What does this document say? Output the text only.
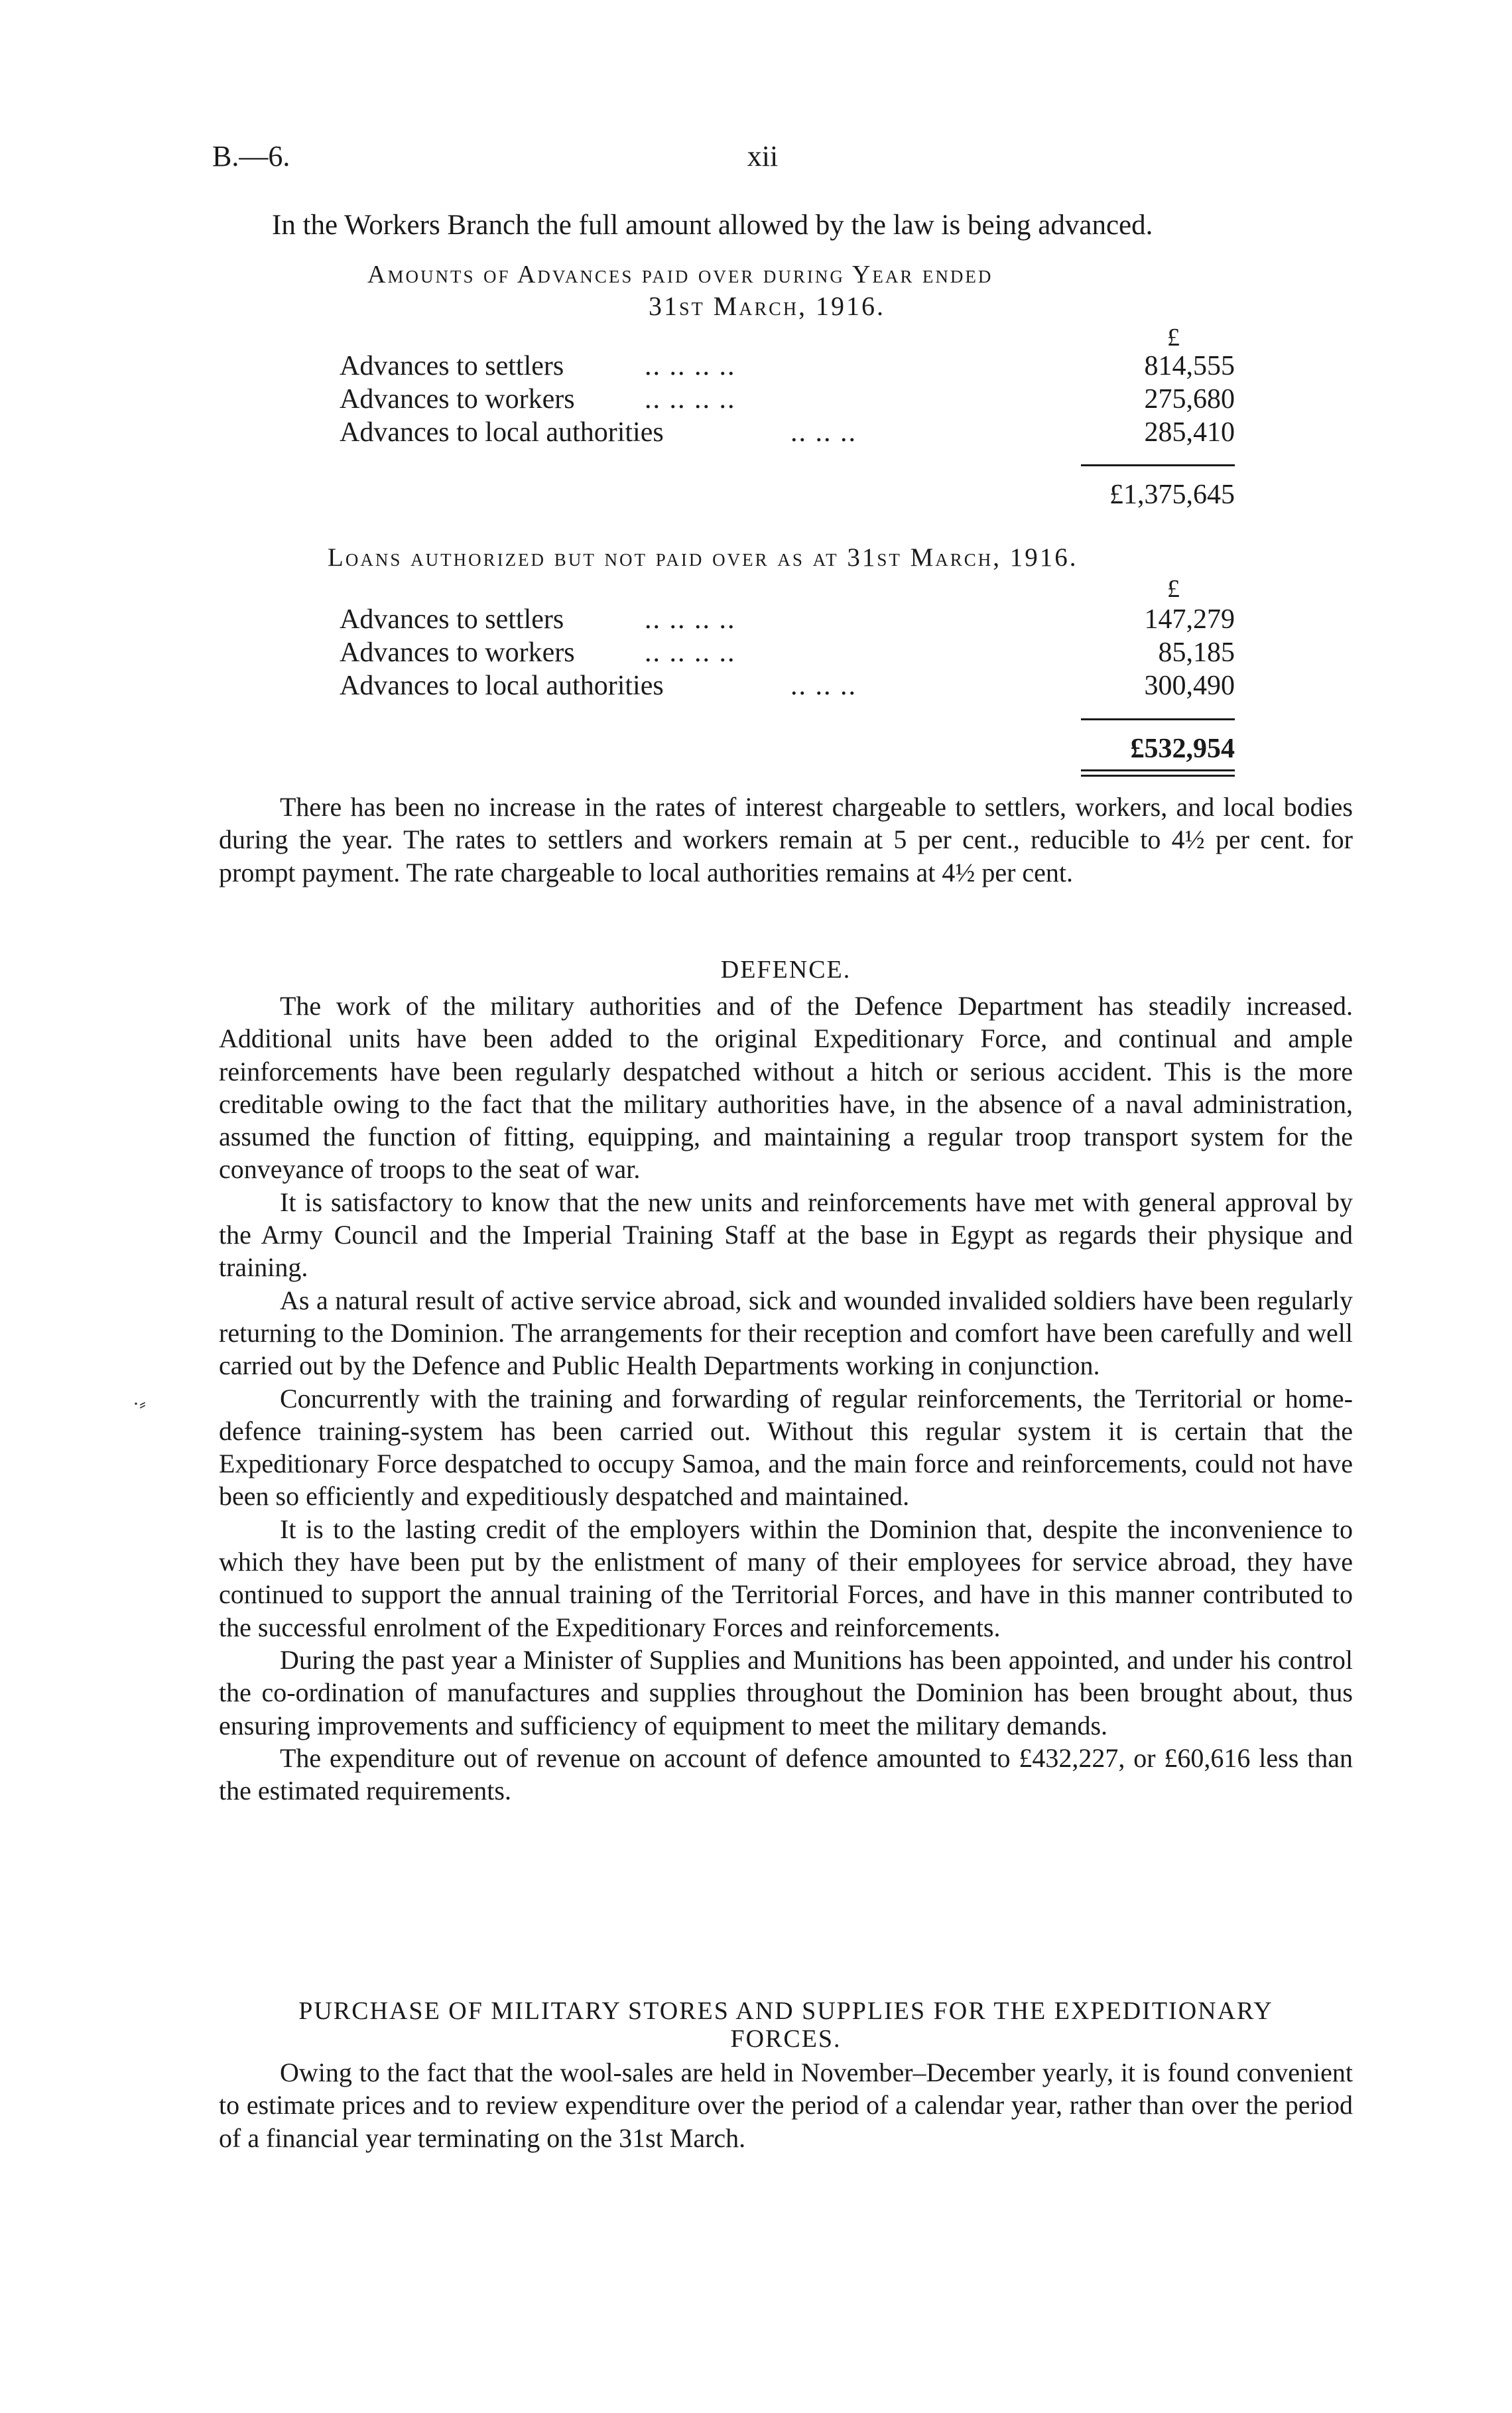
B.—6.	xii
In the Workers Branch the full amount allowed by the law is being advanced.
Amounts of Advances paid over during Year ended
31st March, 1916.
£
Advances to settlers	.. .. .. ..	814,555
Advances to workers	.. .. .. ..	275,680
Advances to local authorities	.. .. ..	285,410
£1,375,645
Loans authorized but not paid over as at 31st March, 1916.
£
Advances to settlers	.. .. .. ..	147,279
Advances to workers	.. .. .. ..	85,185
Advances to local authorities	.. .. ..	300,490
£532,954

There has been no increase in the rates of interest chargeable to settlers, workers, and local bodies during the year. The rates to settlers and workers remain at 5 per cent., reducible to 4½ per cent. for prompt payment. The rate chargeable to local authorities remains at 4½ per cent.

DEFENCE.

The work of the military authorities and of the Defence Department has steadily increased. Additional units have been added to the original Expeditionary Force, and continual and ample reinforcements have been regularly despatched without a hitch or serious accident. This is the more creditable owing to the fact that the military authorities have, in the absence of a naval administration, assumed the function of fitting, equipping, and maintaining a regular troop transport system for the conveyance of troops to the seat of war.

It is satisfactory to know that the new units and reinforcements have met with general approval by the Army Council and the Imperial Training Staff at the base in Egypt as regards their physique and training.

As a natural result of active service abroad, sick and wounded invalided soldiers have been regularly returning to the Dominion. The arrangements for their reception and comfort have been carefully and well carried out by the Defence and Public Health Departments working in conjunction.

Concurrently with the training and forwarding of regular reinforcements, the Territorial or home-defence training-system has been carried out. Without this regular system it is certain that the Expeditionary Force despatched to occupy Samoa, and the main force and reinforcements, could not have been so efficiently and expeditiously despatched and maintained.

It is to the lasting credit of the employers within the Dominion that, despite the inconvenience to which they have been put by the enlistment of many of their employees for service abroad, they have continued to support the annual training of the Territorial Forces, and have in this manner contributed to the successful enrolment of the Expeditionary Forces and reinforcements.

During the past year a Minister of Supplies and Munitions has been appointed, and under his control the co-ordination of manufactures and supplies throughout the Dominion has been brought about, thus ensuring improvements and sufficiency of equipment to meet the military demands.

The expenditure out of revenue on account of defence amounted to £432,227, or £60,616 less than the estimated requirements.

·⸗
PURCHASE OF MILITARY STORES AND SUPPLIES FOR THE EXPEDITIONARY
FORCES.

Owing to the fact that the wool-sales are held in November–December yearly, it is found convenient to estimate prices and to review expenditure over the period of a calendar year, rather than over the period of a financial year terminating on the 31st March.
